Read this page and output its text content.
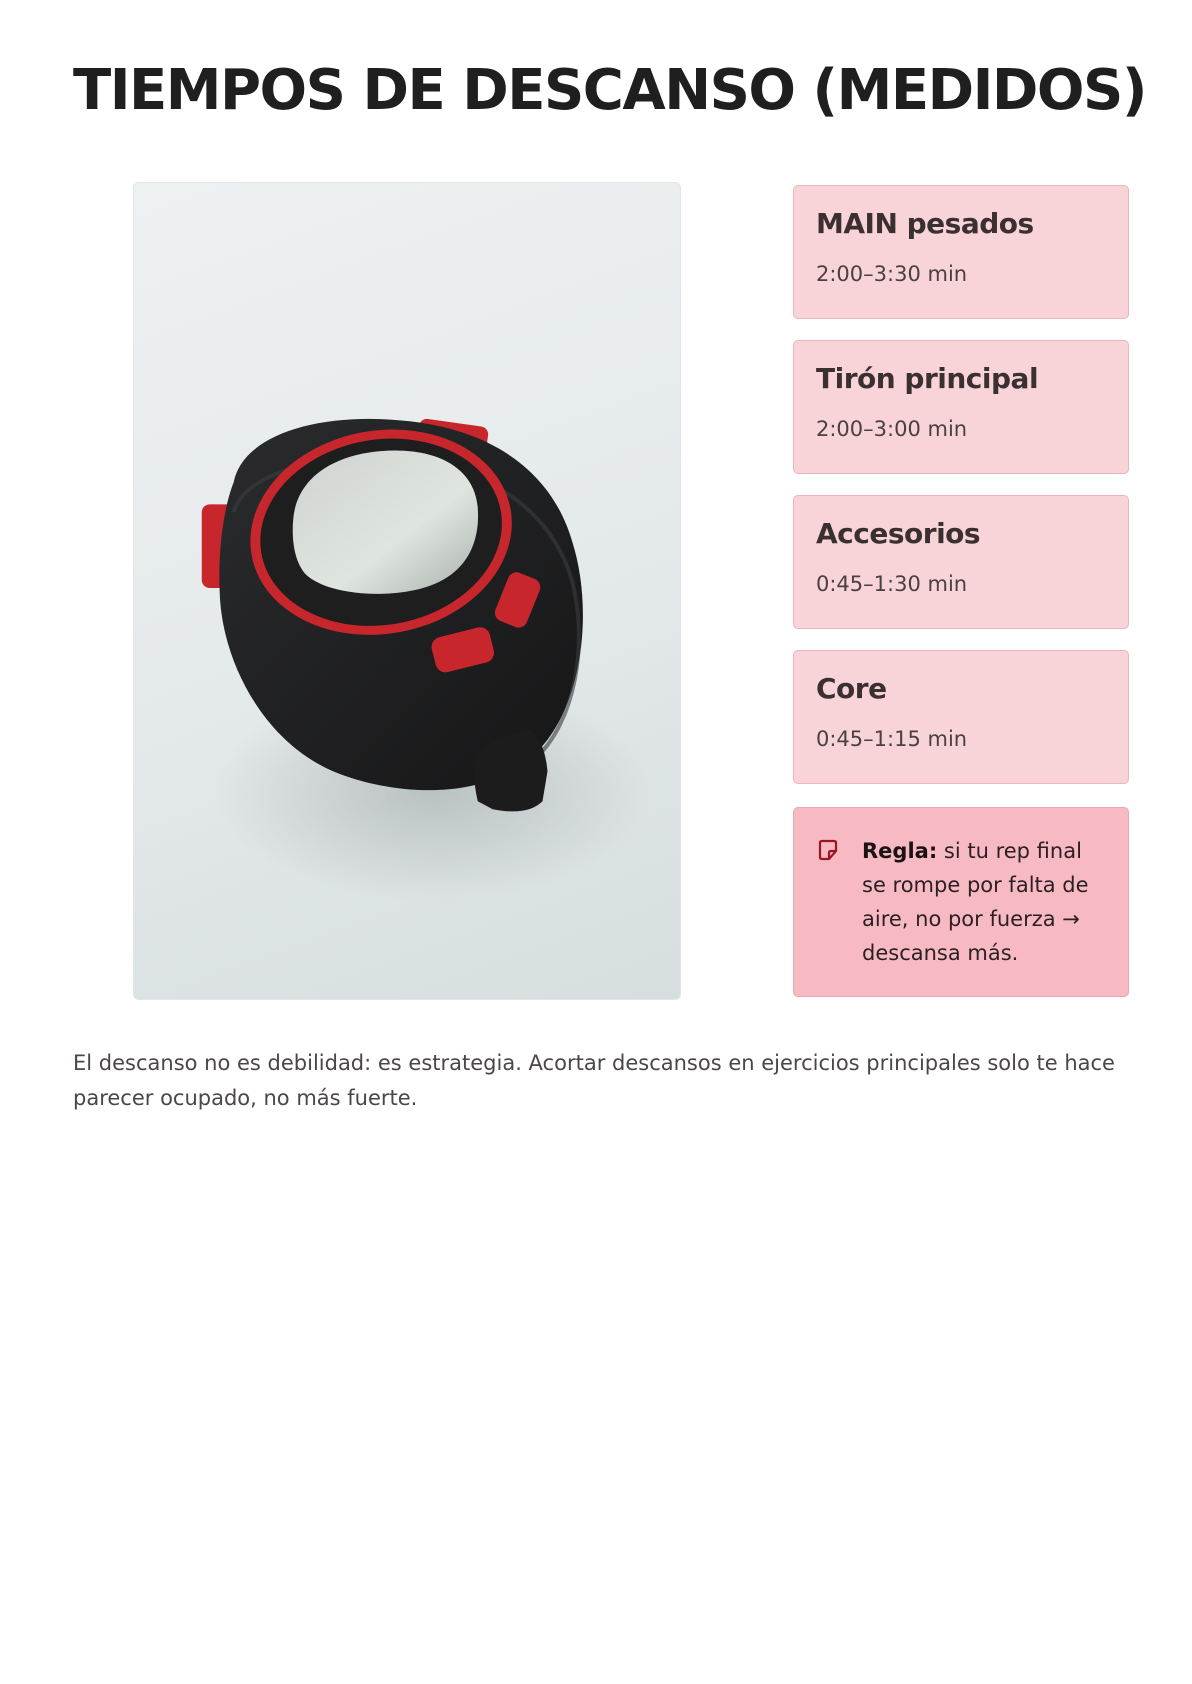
TIEMPOS DE DESCANSO (MEDIDOS)
MAIN pesados
2:00–3:30 min
Tirón principal
2:00–3:00 min
Accesorios
0:45–1:30 min
Core
0:45–1:15 min

Regla: si tu rep final se rompe por falta de aire, no por fuerza → descansa más.

El descanso no es debilidad: es estrategia. Acortar descansos en ejercicios principales solo te hace parecer ocupado, no más fuerte.
